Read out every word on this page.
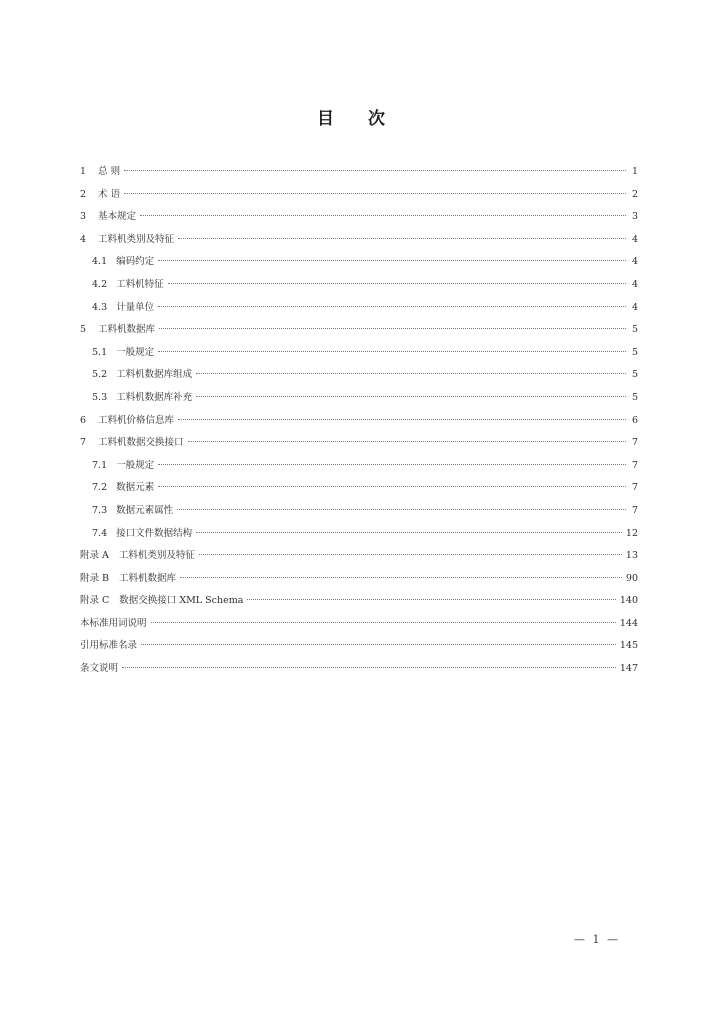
目 次
1 总 则	1
2 术 语	2
3 基本规定	3
4 工料机类别及特征	4
4.1 编码约定	4
4.2 工料机特征	4
4.3 计量单位	4
5 工料机数据库	5
5.1 一般规定	5
5.2 工料机数据库组成	5
5.3 工料机数据库补充	5
6 工料机价格信息库	6
7 工料机数据交换接口	7
7.1 一般规定	7
7.2 数据元素	7
7.3 数据元素属性	7
7.4 接口文件数据结构	12
附录 A 工料机类别及特征	13
附录 B 工料机数据库	90
附录 C 数据交换接口 XML Schema	140
本标准用词说明	144
引用标准名录	145
条文说明	147
— 1 —
